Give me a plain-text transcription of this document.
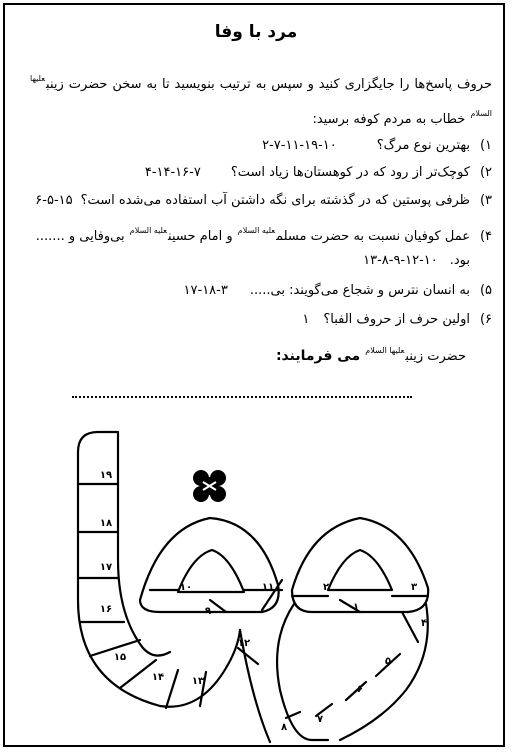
مرد با وفا
حروف پاسخ‌ها را جایگزاری کنید و سپس به ترتیب بنویسید تا به سخن حضرت زینب$^{علیها السلام}$ خطاب به مردم کوفه برسید:
۱)بهترین نوع مرگ؟۲-۷-۱۱-۱۹-۱۰
۲)کوچک‌تر از رود که در کوهستان‌ها زیاد است؟۴-۱۴-۱۶-۷
۳)ظرفی پوستین که در گذشته برای نگه داشتن آب استفاده می‌شده است؟۶-۵-۱۵
۴)عمل کوفیان نسبت به حضرت مسلم$^{علیه السلام}$ و امام حسین$^{علیه السلام}$ بی‌وفایی و .......
بود.۱۳-۸-۹-۱۲-۱۰
۵)به انسان نترس و شجاع می‌گویند: بی.....۱۷-۱۸-۳
۶)اولین حرف از حروف الفبا؟۱
حضرت زینب$^{علیها السلام}$ می فرمایند:
۱
۲	۳
۴
۵
۶
۷
۸
۹
۱۰	۱۱
۱۲
۱۳
۱۴
۱۵
۱۶
۱۷
۱۸
۱۹
